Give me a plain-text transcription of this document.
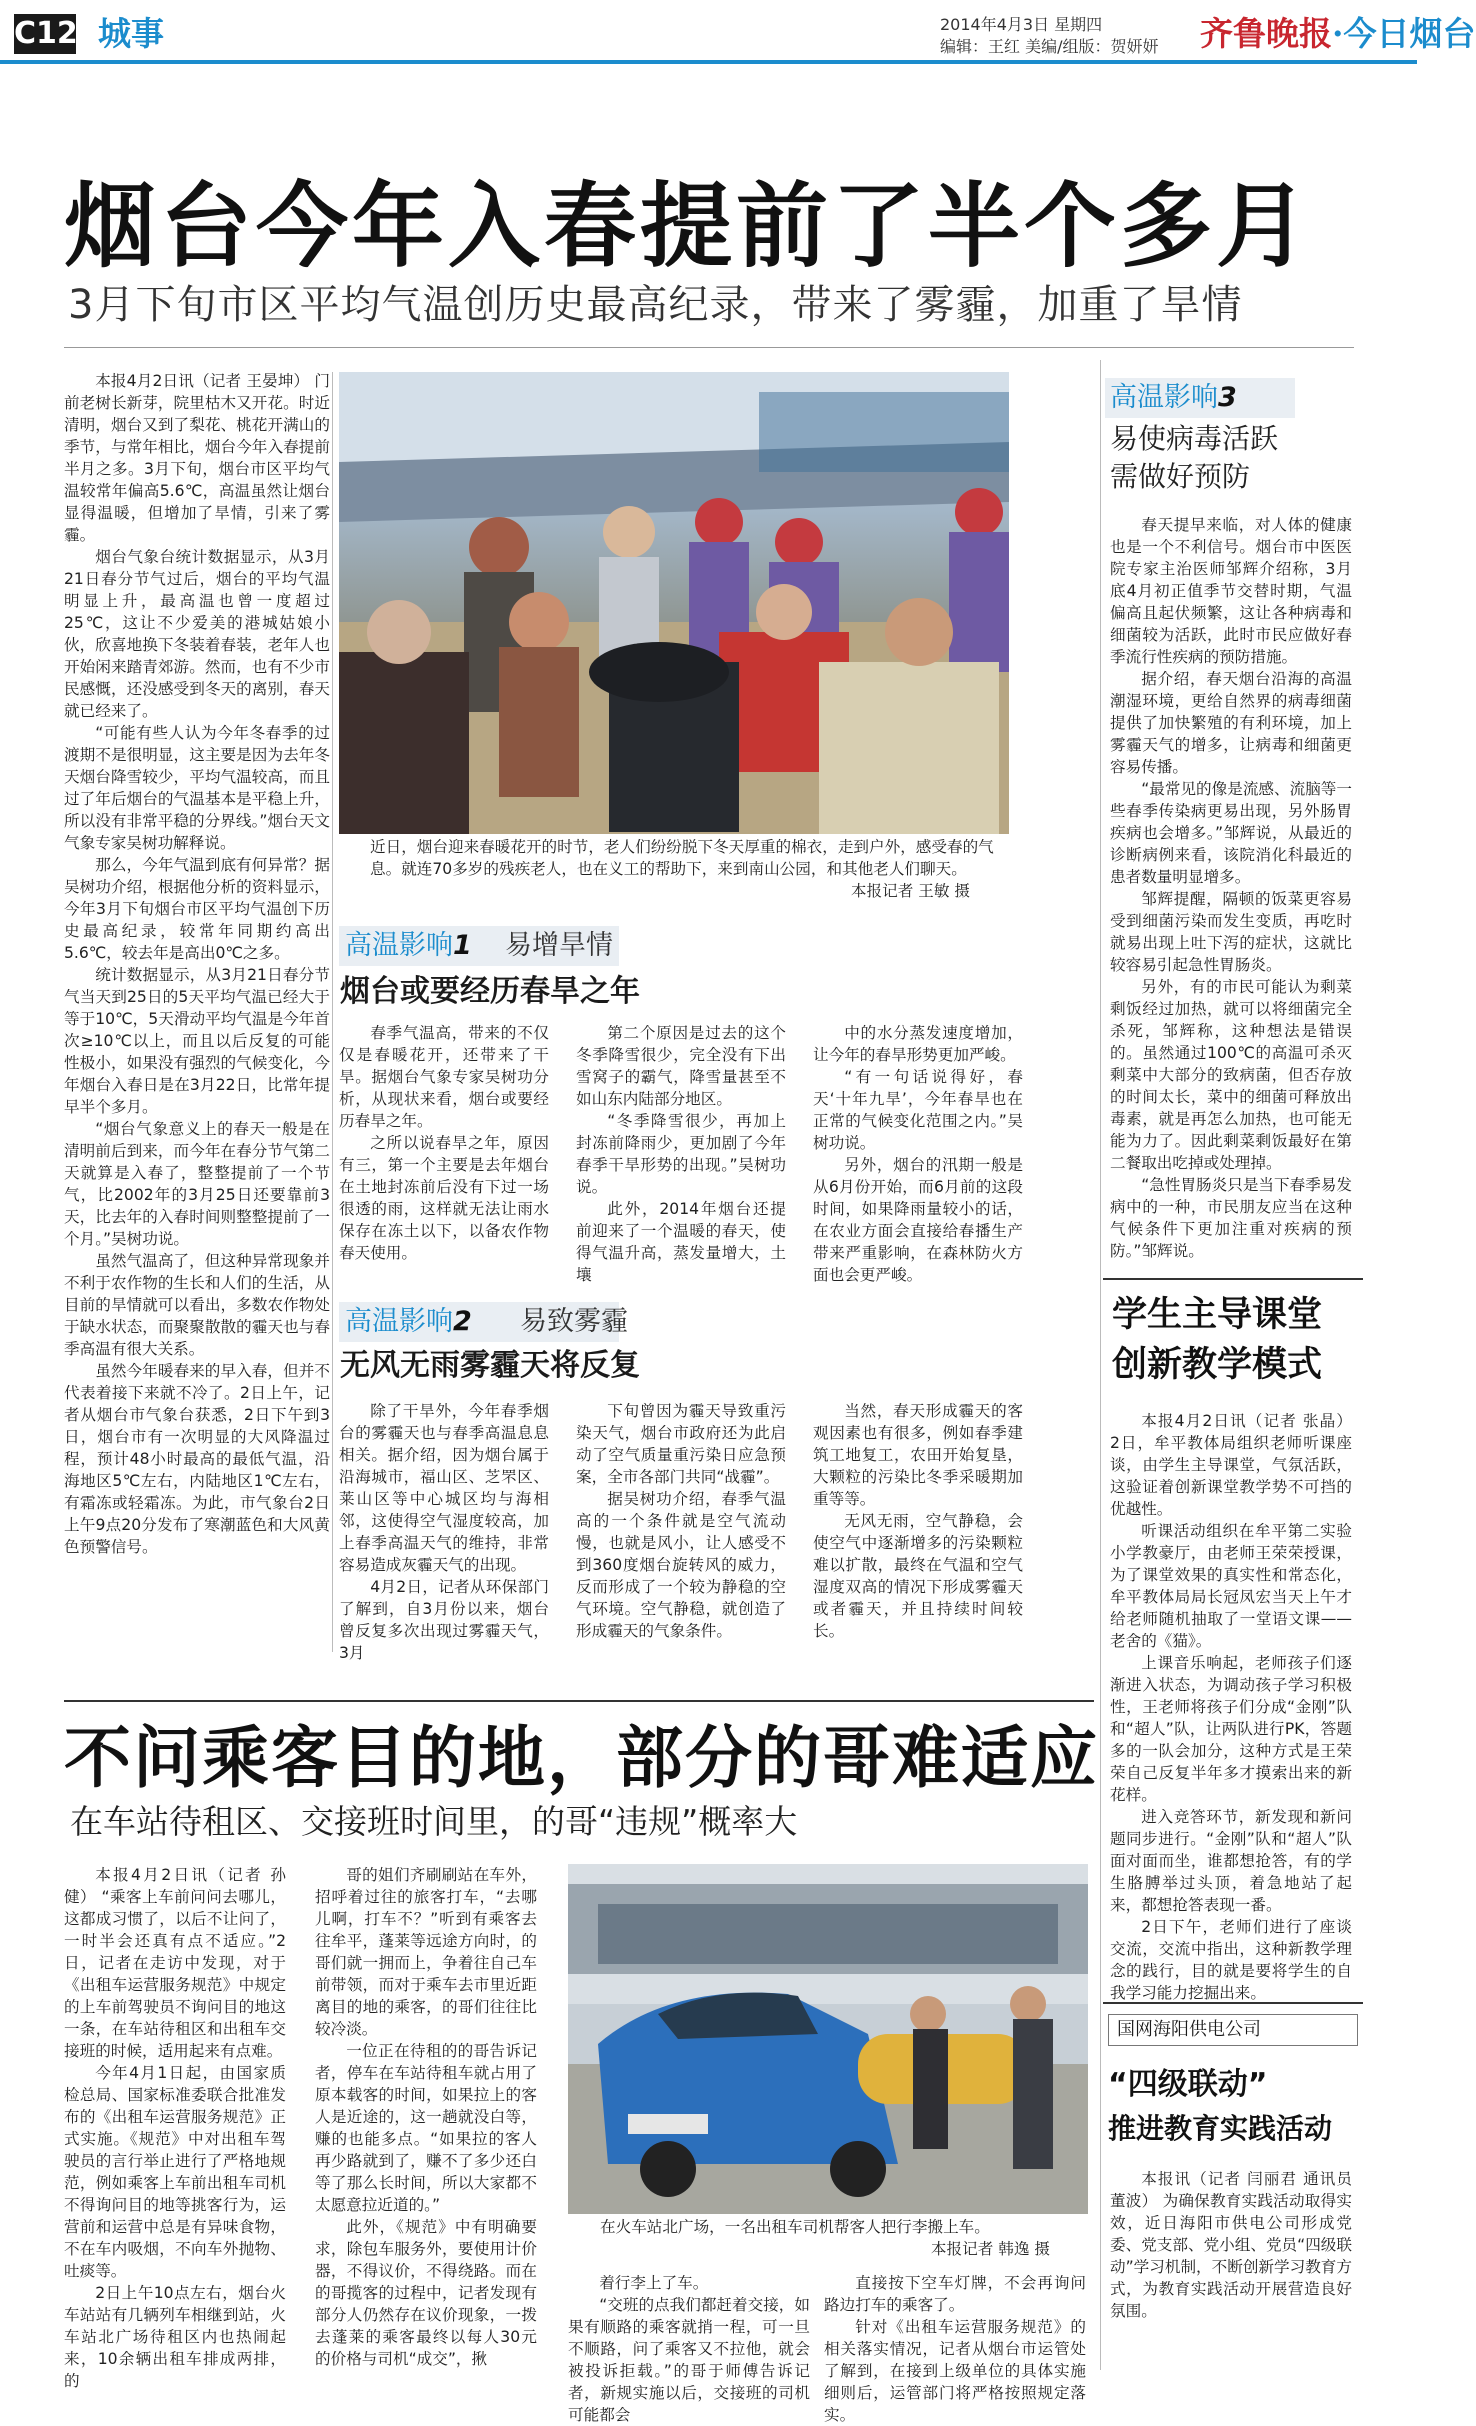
C12 城事	2014年4月3日 星期四
编辑：王红 美编/组版：贺妍妍 齐鲁晚报·今日烟台
烟台今年入春提前了半个多月
3月下旬市区平均气温创历史最高纪录，带来了雾霾，加重了旱情

本报4月2日讯（记者 王晏坤） 门前老树长新芽，院里枯木又开花。时近清明，烟台又到了梨花、桃花开满山的季节，与常年相比，烟台今年入春提前半月之多。3月下旬，烟台市区平均气温较常年偏高5.6℃，高温虽然让烟台显得温暖，但增加了旱情，引来了雾霾。

烟台气象台统计数据显示，从3月21日春分节气过后，烟台的平均气温明显上升，最高温也曾一度超过25℃，这让不少爱美的港城姑娘小伙，欣喜地换下冬装着春装，老年人也开始闲来踏青郊游。然而，也有不少市民感慨，还没感受到冬天的离别，春天就已经来了。

“可能有些人认为今年冬春季的过渡期不是很明显，这主要是因为去年冬天烟台降雪较少，平均气温较高，而且过了年后烟台的气温基本是平稳上升，所以没有非常平稳的分界线。”烟台天文气象专家吴树功解释说。

那么，今年气温到底有何异常？据吴树功介绍，根据他分析的资料显示，今年3月下旬烟台市区平均气温创下历史最高纪录，较常年同期约高出5.6℃，较去年是高出0℃之多。

统计数据显示，从3月21日春分节气当天到25日的5天平均气温已经大于等于10℃，5天滑动平均气温是今年首次≥10℃以上，而且以后反复的可能性极小，如果没有强烈的气候变化，今年烟台入春日是在3月22日，比常年提早半个多月。

“烟台气象意义上的春天一般是在清明前后到来，而今年在春分节气第二天就算是入春了，整整提前了一个节气，比2002年的3月25日还要靠前3天，比去年的入春时间则整整提前了一个月。”吴树功说。

虽然气温高了，但这种异常现象并不利于农作物的生长和人们的生活，从目前的旱情就可以看出，多数农作物处于缺水状态，而聚聚散散的霾天也与春季高温有很大关系。

虽然今年暖春来的早入春，但并不代表着接下来就不冷了。2日上午，记者从烟台市气象台获悉，2日下午到3日，烟台市有一次明显的大风降温过程，预计48小时最高的最低气温，沿海地区5℃左右，内陆地区1℃左右，有霜冻或轻霜冻。为此，市气象台2日上午9点20分发布了寒潮蓝色和大风黄色预警信号。

近日，烟台迎来春暖花开的时节，老人们纷纷脱下冬天厚重的棉衣，走到户外，感受春的气息。就连70多岁的残疾老人，也在义工的帮助下，来到南山公园，和其他老人们聊天。
本报记者 王敏 摄
高温影响1 易增旱情
烟台或要经历春旱之年

春季气温高，带来的不仅仅是春暖花开，还带来了干旱。据烟台气象专家吴树功分析，从现状来看，烟台或要经历春旱之年。

之所以说春旱之年，原因有三，第一个主要是去年烟台在土地封冻前后没有下过一场很透的雨，这样就无法让雨水保存在冻土以下，以备农作物春天使用。

第二个原因是过去的这个冬季降雪很少，完全没有下出雪窝子的霸气，降雪量甚至不如山东内陆部分地区。

“冬季降雪很少，再加上封冻前降雨少，更加剧了今年春季干旱形势的出现。”吴树功说。

此外，2014年烟台还提前迎来了一个温暖的春天，使得气温升高，蒸发量增大，土壤

中的水分蒸发速度增加，让今年的春旱形势更加严峻。

“有一句话说得好，春天‘十年九旱’，今年春旱也在正常的气候变化范围之内。”吴树功说。

另外，烟台的汛期一般是从6月份开始，而6月前的这段时间，如果降雨量较小的话，在农业方面会直接给春播生产带来严重影响，在森林防火方面也会更严峻。

高温影响2 易致雾霾
无风无雨雾霾天将反复

除了干旱外，今年春季烟台的雾霾天也与春季高温息息相关。据介绍，因为烟台属于沿海城市，福山区、芝罘区、莱山区等中心城区均与海相邻，这使得空气湿度较高，加上春季高温天气的维持，非常容易造成灰霾天气的出现。

4月2日，记者从环保部门了解到，自3月份以来，烟台曾反复多次出现过雾霾天气，3月

下旬曾因为霾天导致重污染天气，烟台市政府还为此启动了空气质量重污染日应急预案，全市各部门共同“战霾”。

据吴树功介绍，春季气温高的一个条件就是空气流动慢，也就是风小，让人感受不到360度烟台旋转风的威力，反而形成了一个较为静稳的空气环境。空气静稳，就创造了形成霾天的气象条件。

当然，春天形成霾天的客观因素也有很多，例如春季建筑工地复工，农田开始复垦，大颗粒的污染比冬季采暖期加重等等。

无风无雨，空气静稳，会使空气中逐渐增多的污染颗粒难以扩散，最终在气温和空气湿度双高的情况下形成雾霾天或者霾天，并且持续时间较长。

高温影响3
易使病毒活跃
需做好预防

春天提早来临，对人体的健康也是一个不利信号。烟台市中医医院专家主治医师邹辉介绍称，3月底4月初正值季节交替时期，气温偏高且起伏频繁，这让各种病毒和细菌较为活跃，此时市民应做好春季流行性疾病的预防措施。

据介绍，春天烟台沿海的高温潮湿环境，更给自然界的病毒细菌提供了加快繁殖的有利环境，加上雾霾天气的增多，让病毒和细菌更容易传播。

“最常见的像是流感、流脑等一些春季传染病更易出现，另外肠胃疾病也会增多。”邹辉说，从最近的诊断病例来看，该院消化科最近的患者数量明显增多。

邹辉提醒，隔顿的饭菜更容易受到细菌污染而发生变质，再吃时就易出现上吐下泻的症状，这就比较容易引起急性胃肠炎。

另外，有的市民可能认为剩菜剩饭经过加热，就可以将细菌完全杀死，邹辉称，这种想法是错误的。虽然通过100℃的高温可杀灭剩菜中大部分的致病菌，但否存放的时间太长，菜中的细菌可释放出毒素，就是再怎么加热，也可能无能为力了。因此剩菜剩饭最好在第二餐取出吃掉或处理掉。

“急性胃肠炎只是当下春季易发病中的一种，市民朋友应当在这种气候条件下更加注重对疾病的预防。”邹辉说。

学生主导课堂
创新教学模式

本报4月2日讯（记者 张晶） 2日，牟平教体局组织老师听课座谈，由学生主导课堂，气氛活跃，这验证着创新课堂教学势不可挡的优越性。

听课活动组织在牟平第二实验小学教豪厅，由老师王荣荣授课，为了课堂效果的真实性和常态化，牟平教体局局长冠凤宏当天上午才给老师随机抽取了一堂语文课——老舍的《猫》。

上课音乐响起，老师孩子们逐渐进入状态，为调动孩子学习积极性，王老师将孩子们分成“金刚”队和“超人”队，让两队进行PK，答题多的一队会加分，这种方式是王荣荣自己反复半年多才摸索出来的新花样。

进入竞答环节，新发现和新问题同步进行。“金刚”队和“超人”队面对面而坐，谁都想抢答，有的学生胳膊举过头顶，着急地站了起来，都想抢答表现一番。

2日下午，老师们进行了座谈交流，交流中指出，这种新教学理念的践行，目的就是要将学生的自我学习能力挖掘出来。

国网海阳供电公司
“四级联动”
推进教育实践活动

本报讯（记者 闫丽君 通讯员 董波） 为确保教育实践活动取得实效，近日海阳市供电公司形成党委、党支部、党小组、党员“四级联动”学习机制，不断创新学习教育方式，为教育实践活动开展营造良好氛围。

不问乘客目的地，部分的哥难适应
在车站待租区、交接班时间里，的哥“违规”概率大

本报4月2日讯（记者 孙健） “乘客上车前问问去哪儿，这都成习惯了，以后不让问了，一时半会还真有点不适应。”2日，记者在走访中发现，对于《出租车运营服务规范》中规定的上车前驾驶员不询问目的地这一条，在车站待租区和出租车交接班的时候，适用起来有点难。

今年4月1日起，由国家质检总局、国家标准委联合批准发布的《出租车运营服务规范》正式实施。《规范》中对出租车驾驶员的言行举止进行了严格地规范，例如乘客上车前出租车司机不得询问目的地等挑客行为，运营前和运营中总是有异味食物，不在车内吸烟，不向车外抛物、吐痰等。

2日上午10点左右，烟台火车站站有几辆列车相继到站，火车站北广场待租区内也热闹起来，10余辆出租车排成两排，的

哥的姐们齐刷刷站在车外，招呼着过往的旅客打车，“去哪儿啊，打车不？”听到有乘客去往牟平，蓬莱等远途方向时，的哥们就一拥而上，争着往自己车前带领，而对于乘车去市里近距离目的地的乘客，的哥们往往比较冷淡。

一位正在待租的的哥告诉记者，停车在车站待租车就占用了原本载客的时间，如果拉上的客人是近途的，这一趟就没白等，赚的也能多点。“如果拉的客人再少路就到了，赚不了多少还白等了那么长时间，所以大家都不太愿意拉近道的。”

此外，《规范》中有明确要求，除包车服务外，要使用计价器，不得议价，不得绕路。而在的哥揽客的过程中，记者发现有部分人仍然存在议价现象，一拨去蓬莱的乘客最终以每人30元的价格与司机“成交”，揪

在火车站北广场，一名出租车司机帮客人把行李搬上车。
本报记者 韩逸 摄

着行李上了车。

“交班的点我们都赶着交接，如果有顺路的乘客就捎一程，可一旦不顺路，问了乘客又不拉他，就会被投诉拒载。”的哥于师傅告诉记者，新规实施以后，交接班的司机可能都会

直接按下空车灯牌，不会再询问路边打车的乘客了。

针对《出租车运营服务规范》的相关落实情况，记者从烟台市运管处了解到，在接到上级单位的具体实施细则后，运管部门将严格按照规定落实。
